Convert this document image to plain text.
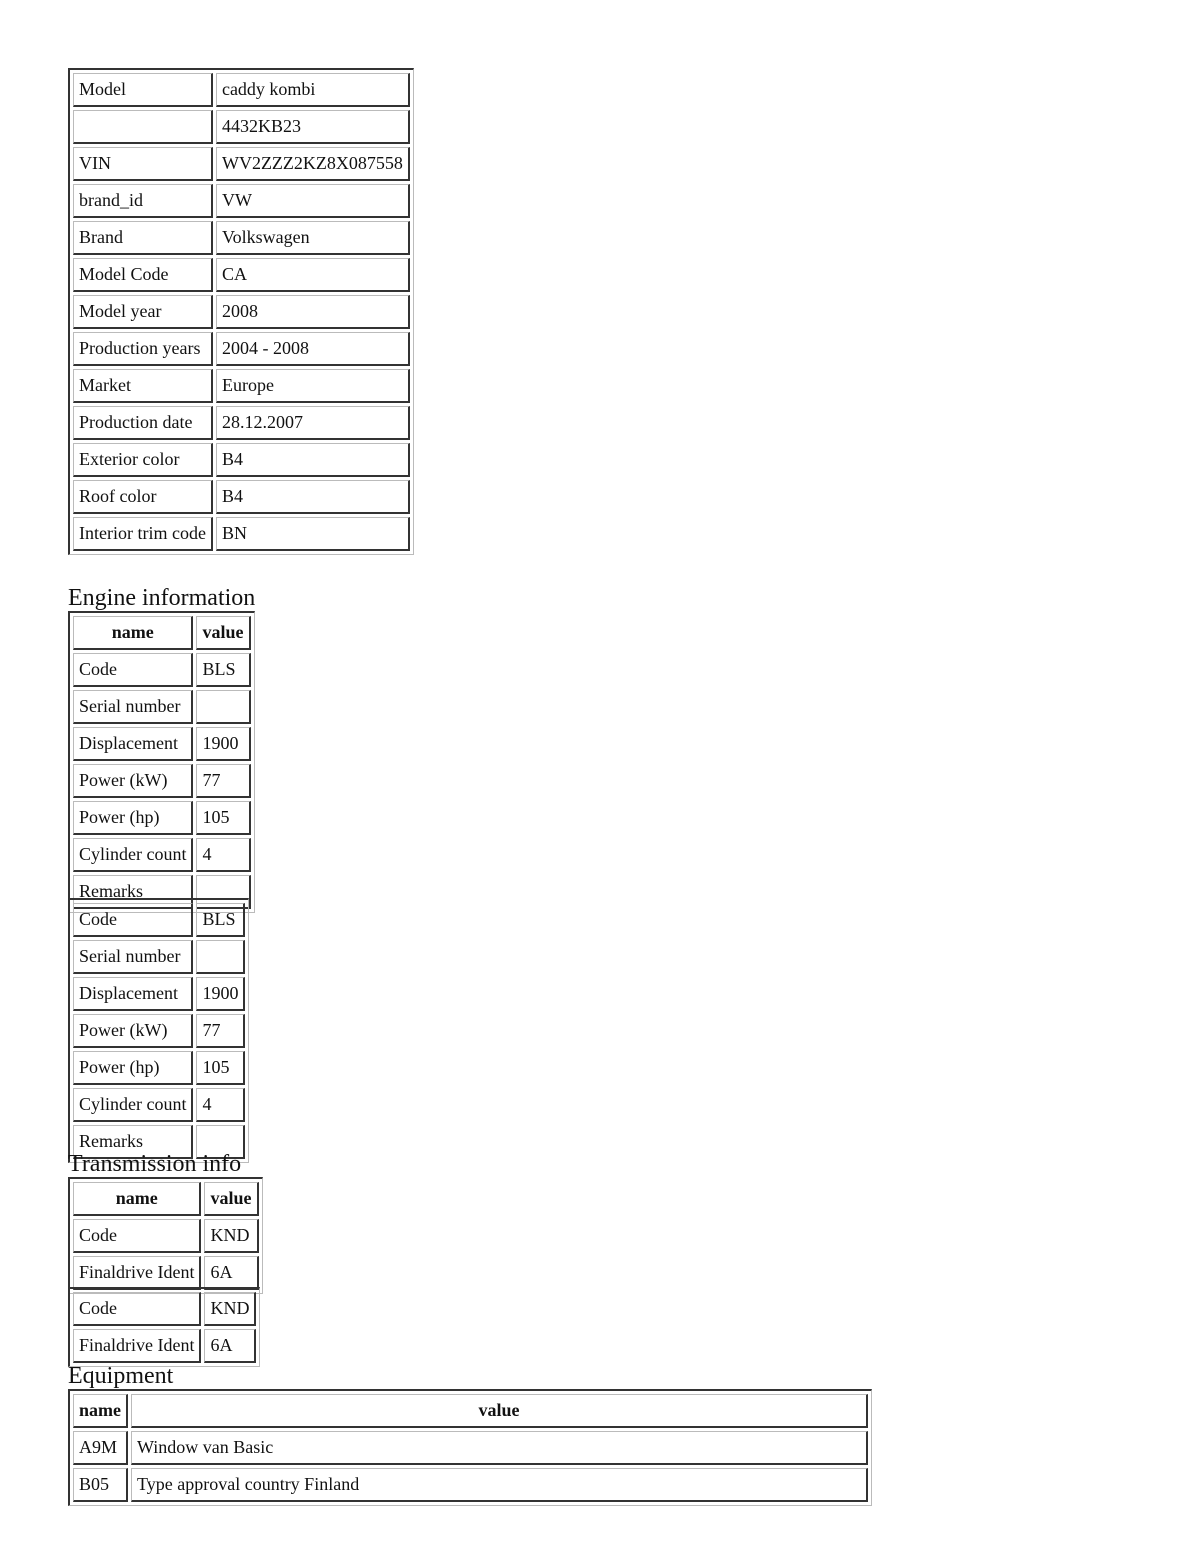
Model	caddy kombi
	4432KB23
VIN	WV2ZZZ2KZ8X087558
brand_id	VW
Brand	Volkswagen
Model Code	CA
Model year	2008
Production years	2004 - 2008
Market	Europe
Production date	28.12.2007
Exterior color	B4
Roof color	B4
Interior trim code	BN
Engine information
name	value
Code	BLS
Serial number	
Displacement	1900
Power (kW)	77
Power (hp)	105
Cylinder count	4
Remarks	
Code	BLS
Serial number	
Displacement	1900
Power (kW)	77
Power (hp)	105
Cylinder count	4
Remarks	
Transmission info
name	value
Code	KND
Finaldrive Ident	6A
Code	KND
Finaldrive Ident	6A
Equipment
name	value
A9M	Window van Basic
B05	Type approval country Finland
